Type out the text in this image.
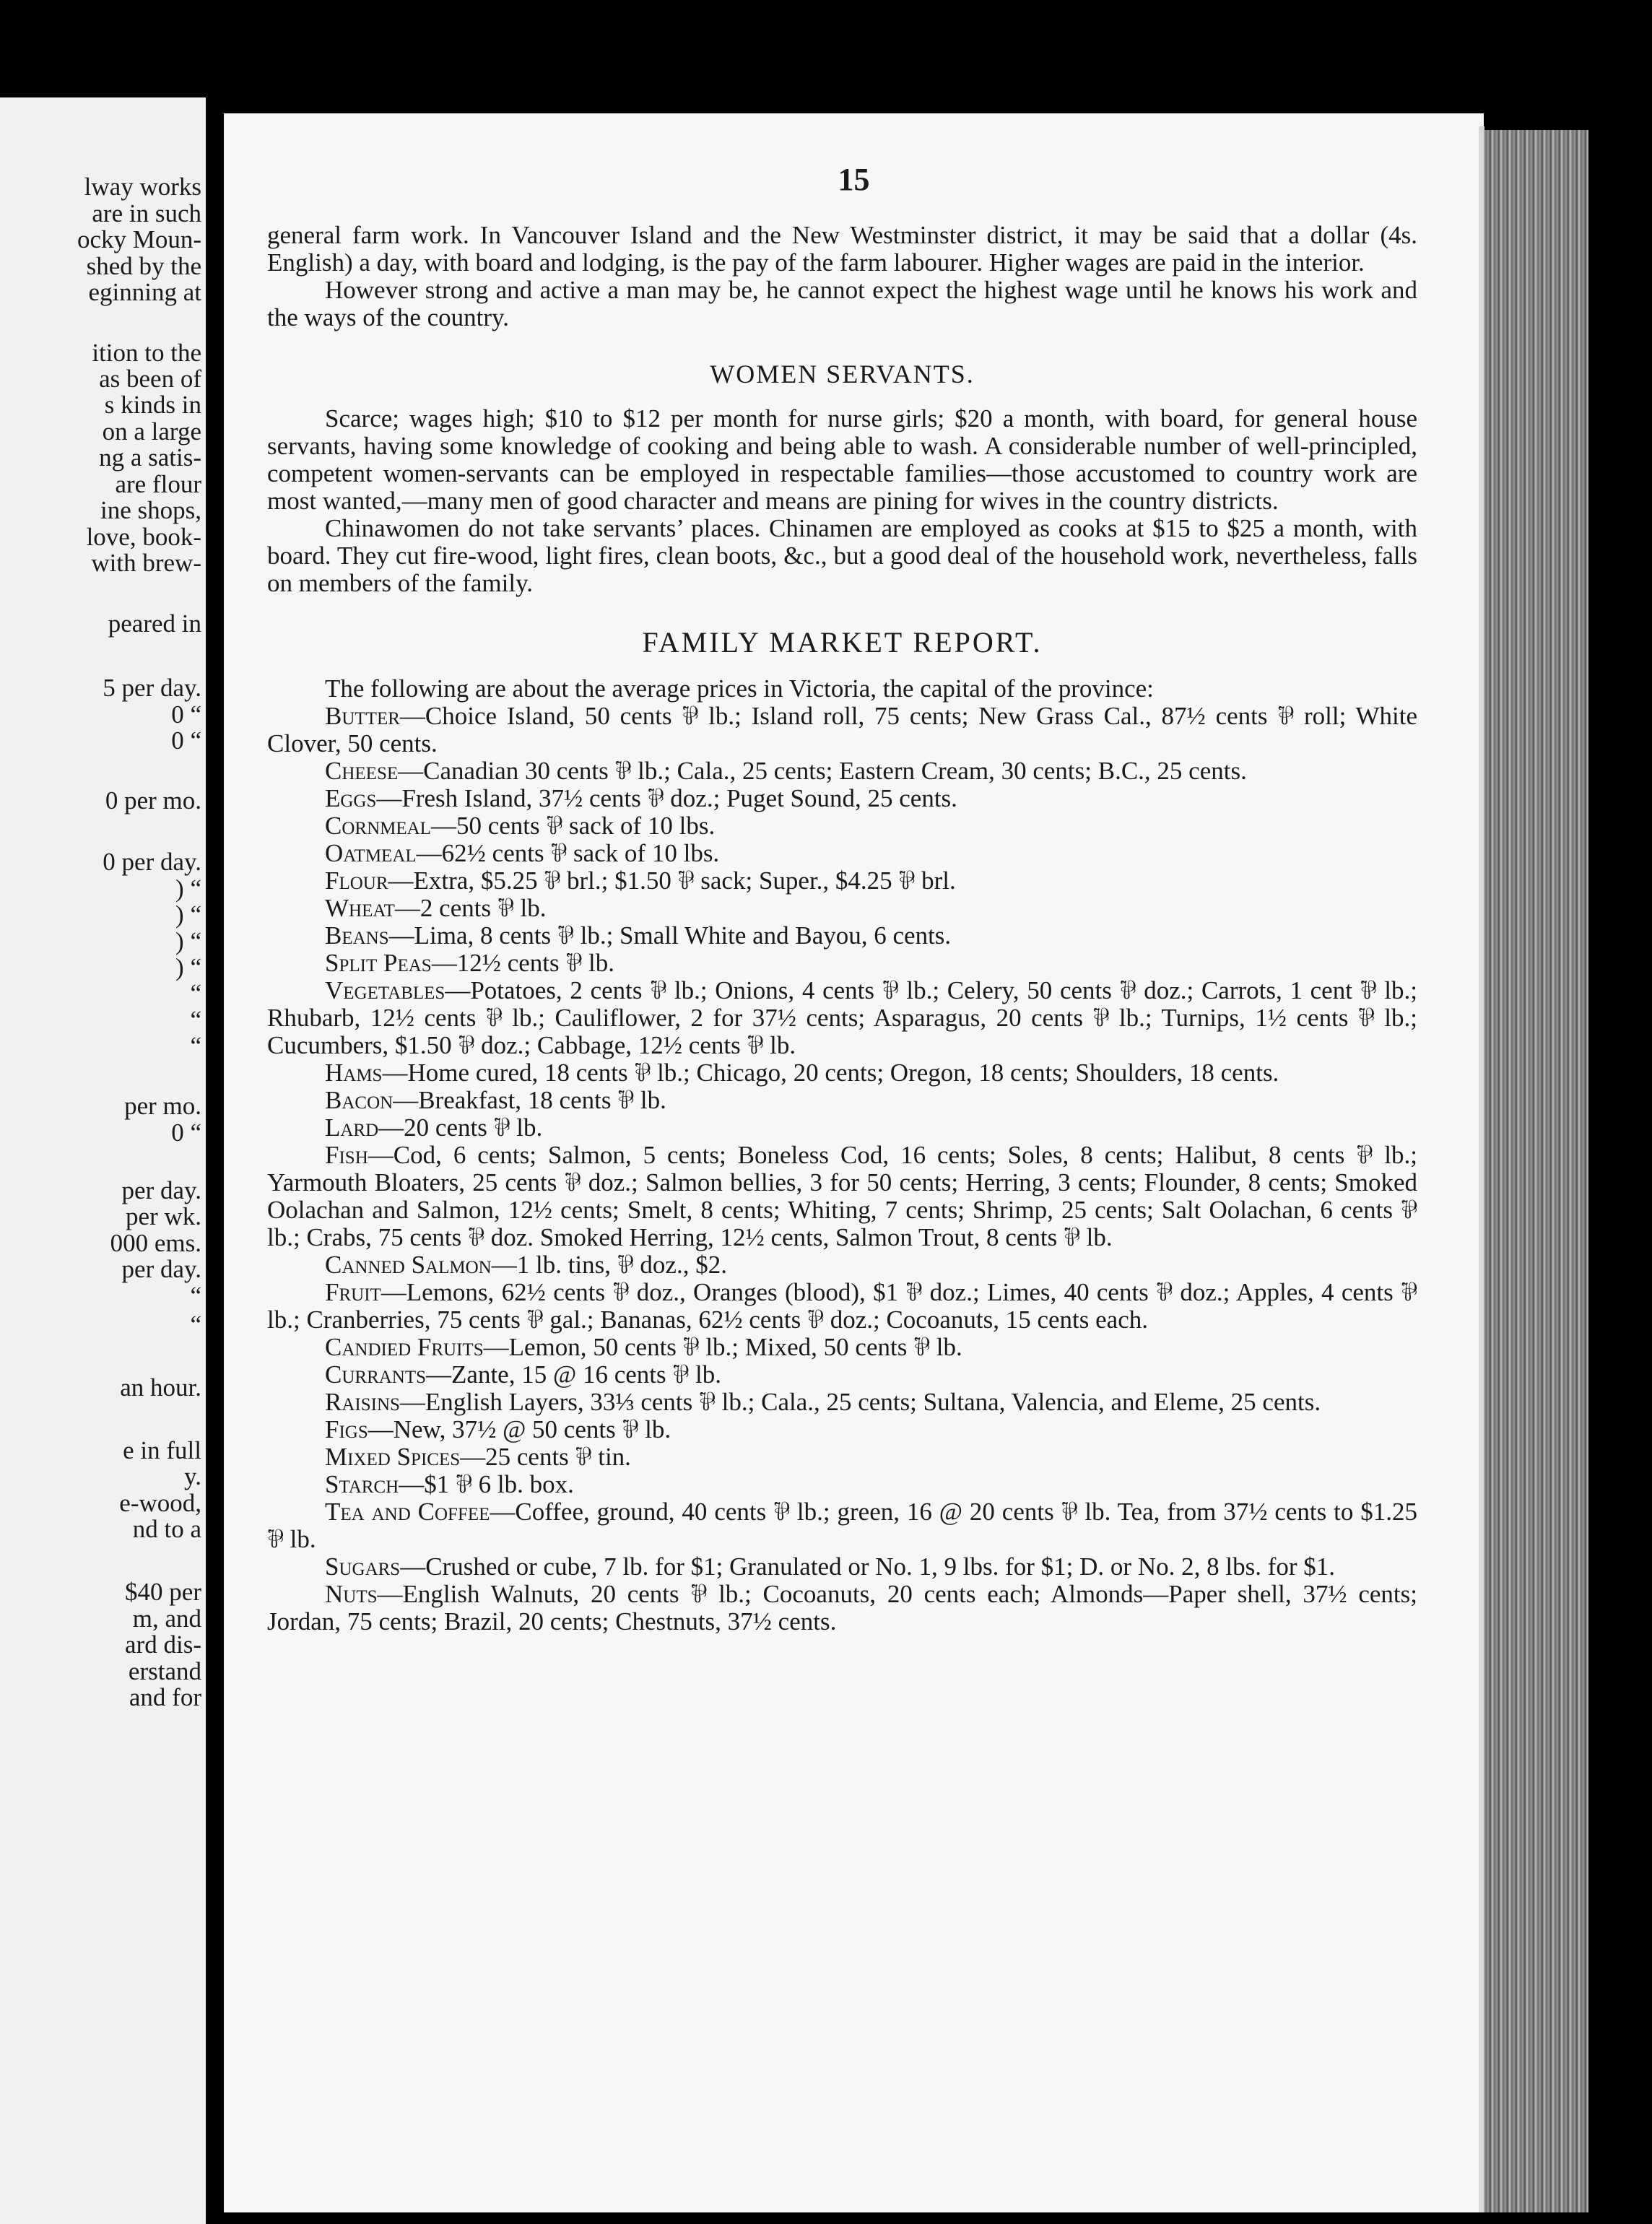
lway works
are in such
ocky Moun-
shed by the
eginning at
ition to the
as been of
s kinds in
on a large
ng a satis-
are flour
ine shops,
love, book-
with brew-
peared in
5 per day.
0 “
0 “
0 per mo.
0 per day.
) “
) “
) “
) “
“
“
“
per mo.
0 “
per day.
per wk.
000 ems.
per day.
“
“
an hour.
e in full
y.
e-wood,
nd to a
$40 per
m, and
ard dis-
erstand
and for
15

general farm work. In Vancouver Island and the New Westminster district, it may be said that a dollar (4s. English) a day, with board and lodging, is the pay of the farm labourer. Higher wages are paid in the interior.

However strong and active a man may be, he cannot expect the highest wage until he knows his work and the ways of the country.

WOMEN SERVANTS.

Scarce; wages high; $10 to $12 per month for nurse girls; $20 a month, with board, for general house servants, having some knowledge of cooking and being able to wash. A considerable number of well-principled, competent women-servants can be employed in respectable families—those accustomed to country work are most wanted,—many men of good character and means are pining for wives in the country districts.

Chinawomen do not take servants’ places. Chinamen are employed as cooks at $15 to $25 a month, with board. They cut fire-wood, light fires, clean boots, &c., but a good deal of the household work, nevertheless, falls on members of the family.

FAMILY MARKET REPORT.

The following are about the average prices in Victoria, the capital of the province:

Butter—Choice Island, 50 cents ⅌ lb.; Island roll, 75 cents; New Grass Cal., 87½ cents ⅌ roll; White Clover, 50 cents.

Cheese—Canadian 30 cents ⅌ lb.; Cala., 25 cents; Eastern Cream, 30 cents; B.C., 25 cents.

Eggs—Fresh Island, 37½ cents ⅌ doz.; Puget Sound, 25 cents.

Cornmeal—50 cents ⅌ sack of 10 lbs.

Oatmeal—62½ cents ⅌ sack of 10 lbs.

Flour—Extra, $5.25 ⅌ brl.; $1.50 ⅌ sack; Super., $4.25 ⅌ brl.

Wheat—2 cents ⅌ lb.

Beans—Lima, 8 cents ⅌ lb.; Small White and Bayou, 6 cents.

Split Peas—12½ cents ⅌ lb.

Vegetables—Potatoes, 2 cents ⅌ lb.; Onions, 4 cents ⅌ lb.; Celery, 50 cents ⅌ doz.; Carrots, 1 cent ⅌ lb.; Rhubarb, 12½ cents ⅌ lb.; Cauliflower, 2 for 37½ cents; Asparagus, 20 cents ⅌ lb.; Turnips, 1½ cents ⅌ lb.; Cucumbers, $1.50 ⅌ doz.; Cabbage, 12½ cents ⅌ lb.

Hams—Home cured, 18 cents ⅌ lb.; Chicago, 20 cents; Oregon, 18 cents; Shoulders, 18 cents.

Bacon—Breakfast, 18 cents ⅌ lb.

Lard—20 cents ⅌ lb.

Fish—Cod, 6 cents; Salmon, 5 cents; Boneless Cod, 16 cents; Soles, 8 cents; Halibut, 8 cents ⅌ lb.; Yarmouth Bloaters, 25 cents ⅌ doz.; Salmon bellies, 3 for 50 cents; Herring, 3 cents; Flounder, 8 cents; Smoked Oolachan and Salmon, 12½ cents; Smelt, 8 cents; Whiting, 7 cents; Shrimp, 25 cents; Salt Oolachan, 6 cents ⅌ lb.; Crabs, 75 cents ⅌ doz. Smoked Herring, 12½ cents, Salmon Trout, 8 cents ⅌ lb.

Canned Salmon—1 lb. tins, ⅌ doz., $2.

Fruit—Lemons, 62½ cents ⅌ doz., Oranges (blood), $1 ⅌ doz.; Limes, 40 cents ⅌ doz.; Apples, 4 cents ⅌ lb.; Cranberries, 75 cents ⅌ gal.; Bananas, 62½ cents ⅌ doz.; Cocoanuts, 15 cents each.

Candied Fruits—Lemon, 50 cents ⅌ lb.; Mixed, 50 cents ⅌ lb.

Currants—Zante, 15 @ 16 cents ⅌ lb.

Raisins—English Layers, 33⅓ cents ⅌ lb.; Cala., 25 cents; Sultana, Valencia, and Eleme, 25 cents.

Figs—New, 37½ @ 50 cents ⅌ lb.

Mixed Spices—25 cents ⅌ tin.

Starch—$1 ⅌ 6 lb. box.

Tea and Coffee—Coffee, ground, 40 cents ⅌ lb.; green, 16 @ 20 cents ⅌ lb. Tea, from 37½ cents to $1.25 ⅌ lb.

Sugars—Crushed or cube, 7 lb. for $1; Granulated or No. 1, 9 lbs. for $1; D. or No. 2, 8 lbs. for $1.

Nuts—English Walnuts, 20 cents ⅌ lb.; Cocoanuts, 20 cents each; Almonds—Paper shell, 37½ cents; Jordan, 75 cents; Brazil, 20 cents; Chestnuts, 37½ cents.
